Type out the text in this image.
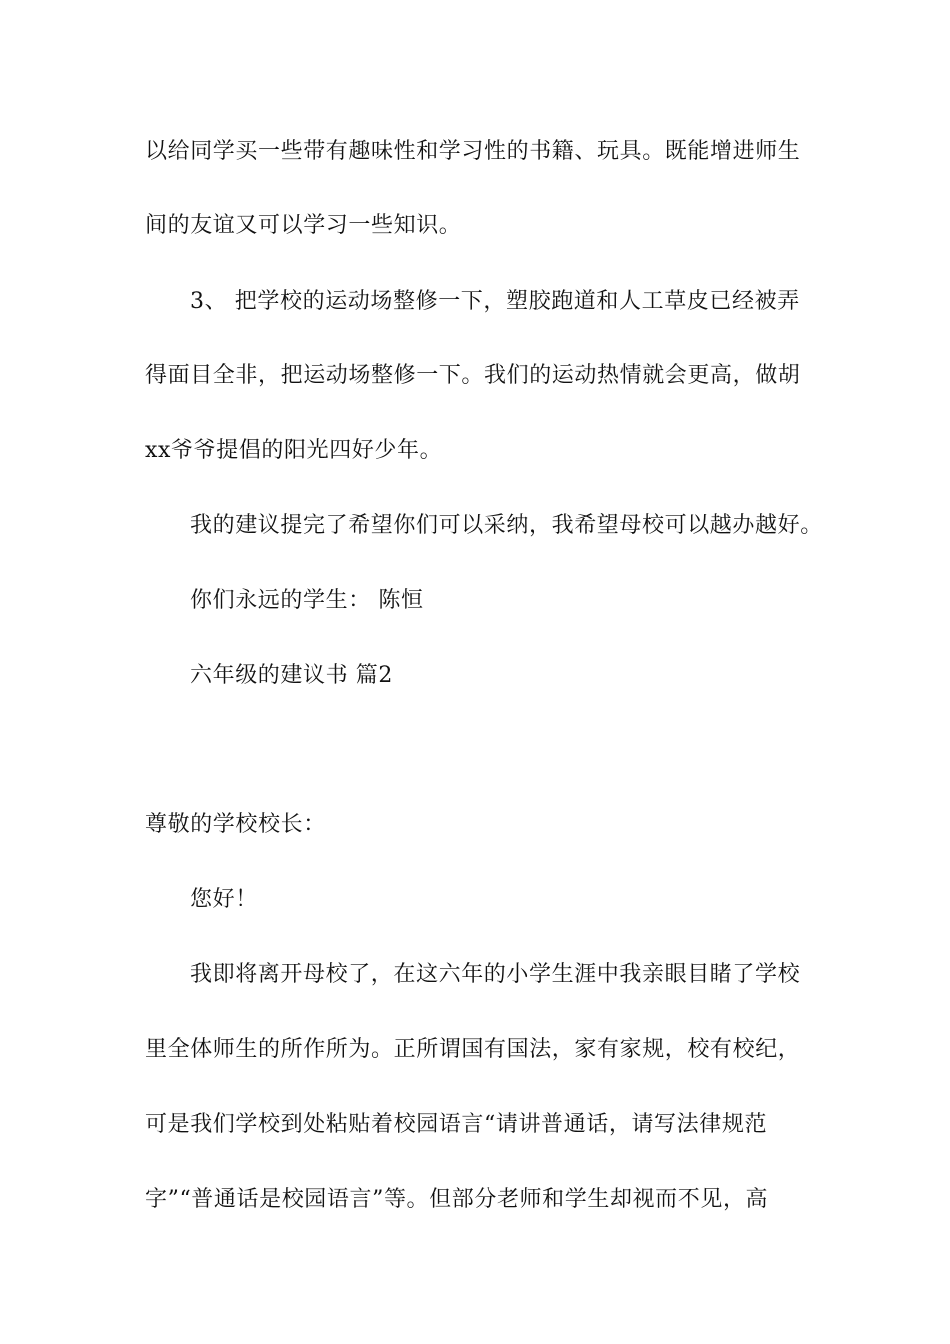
以给同学买一些带有趣味性和学习性的书籍、玩具。既能增进师生
间的友谊又可以学习一些知识。
3、 把学校的运动场整修一下，塑胶跑道和人工草皮已经被弄
得面目全非，把运动场整修一下。我们的运动热情就会更高，做胡
xx爷爷提倡的阳光四好少年。
我的建议提完了希望你们可以采纳，我希望母校可以越办越好。
你们永远的学生： 陈恒
六年级的建议书 篇2
尊敬的学校校长：
您好！
我即将离开母校了，在这六年的小学生涯中我亲眼目睹了学校
里全体师生的所作所为。正所谓国有国法，家有家规，校有校纪，
可是我们学校到处粘贴着校园语言“请讲普通话，请写法律规范
字”“普通话是校园语言”等。但部分老师和学生却视而不见，高
